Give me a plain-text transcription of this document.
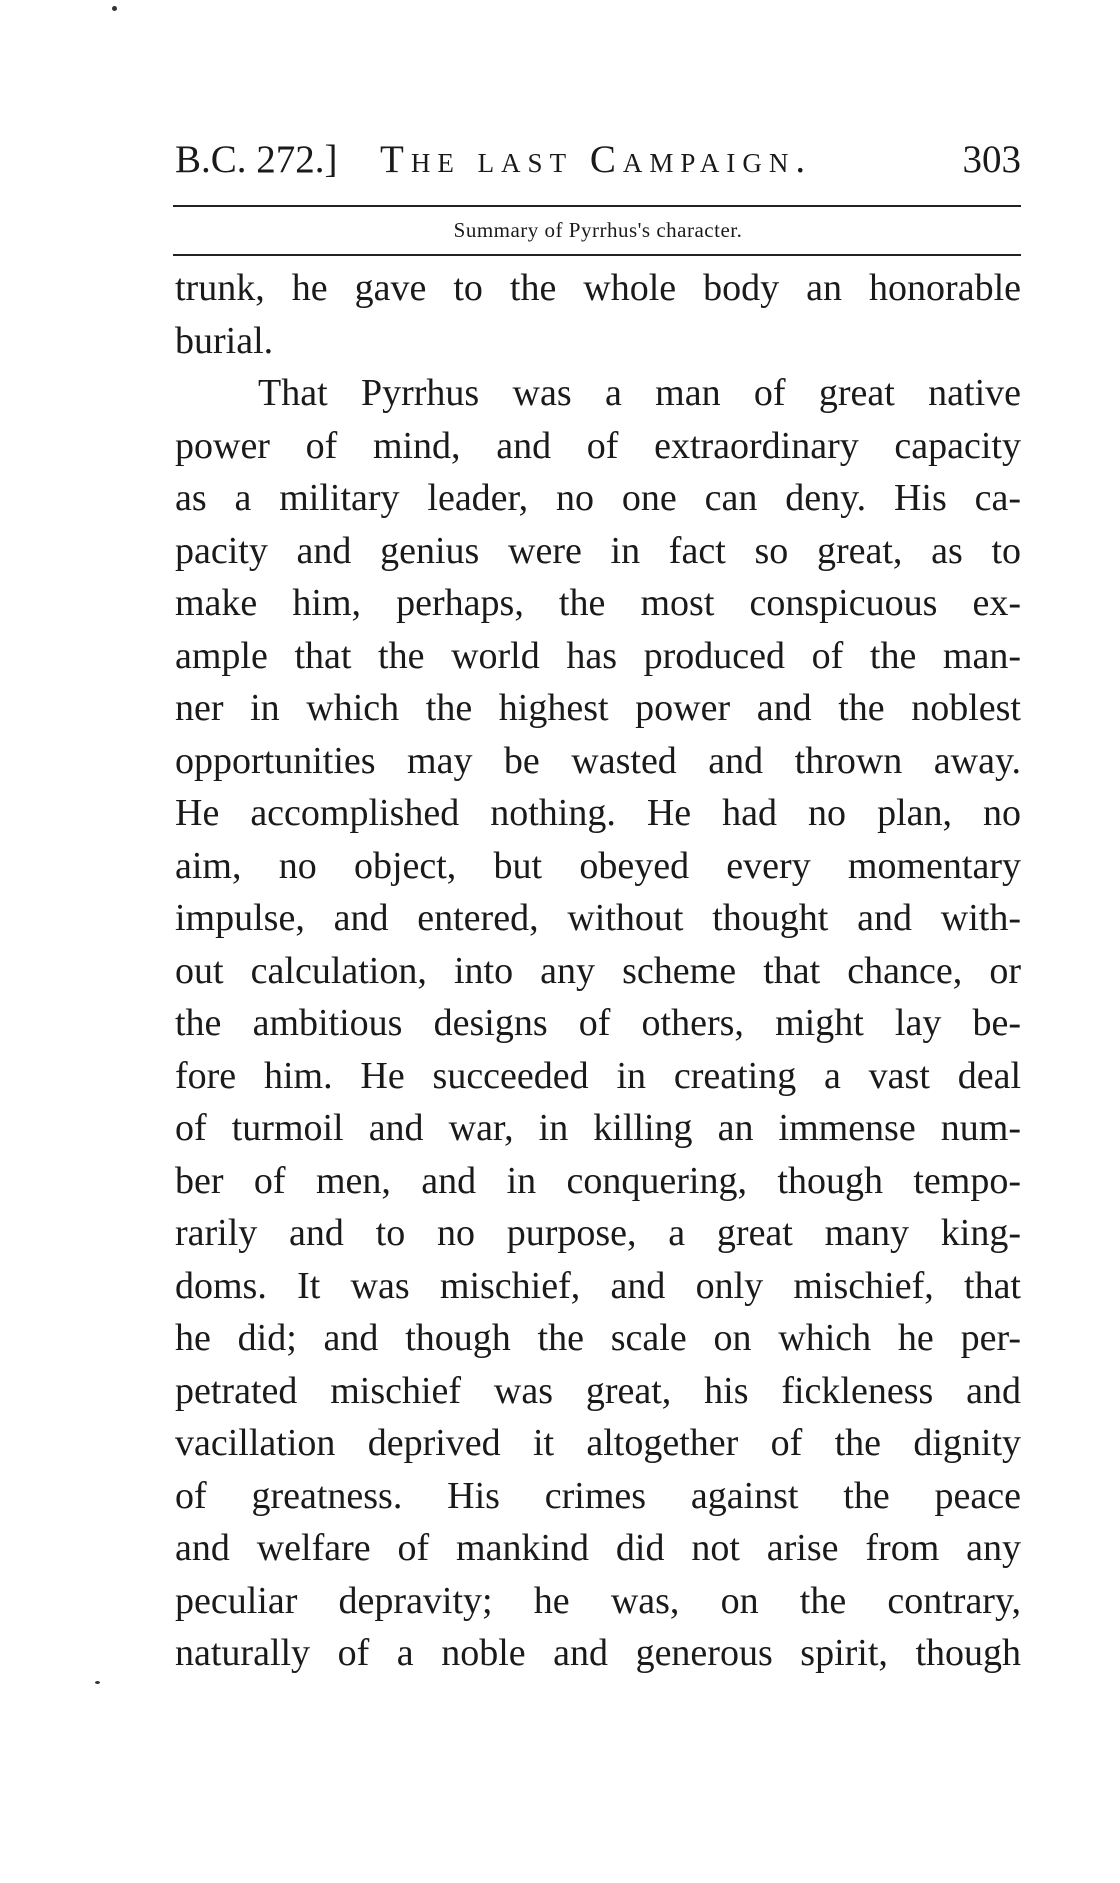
B.C. 272.] The last Campaign.	303
Summary of Pyrrhus's character.
trunk, he gave to the whole body an honorable
burial.
That Pyrrhus was a man of great native
power of mind, and of extraordinary capacity
as a military leader, no one can deny. His ca-
pacity and genius were in fact so great, as to
make him, perhaps, the most conspicuous ex-
ample that the world has produced of the man-
ner in which the highest power and the noblest
opportunities may be wasted and thrown away.
He accomplished nothing. He had no plan, no
aim, no object, but obeyed every momentary
impulse, and entered, without thought and with-
out calculation, into any scheme that chance, or
the ambitious designs of others, might lay be-
fore him. He succeeded in creating a vast deal
of turmoil and war, in killing an immense num-
ber of men, and in conquering, though tempo-
rarily and to no purpose, a great many king-
doms. It was mischief, and only mischief, that
he did; and though the scale on which he per-
petrated mischief was great, his fickleness and
vacillation deprived it altogether of the dignity
of greatness. His crimes against the peace
and welfare of mankind did not arise from any
peculiar depravity; he was, on the contrary,
naturally of a noble and generous spirit, though
